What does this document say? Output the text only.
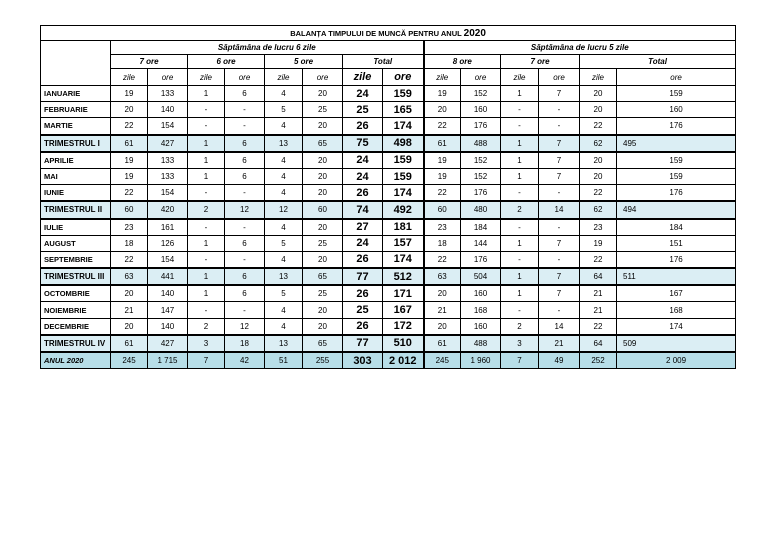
BALANȚA TIMPULUI DE MUNCĂ PENTRU ANUL 2020														
	Săptămâna de lucru 6 zile								Săptămâna de lucru 5 zile					
	7 ore		6 ore		5 ore		Total		8 ore		7 ore		Total	
	zile	ore	zile	ore	zile	ore	zile	ore	zile	ore	zile	ore	zile	ore
IANUARIE	19	133	1	6	4	20	24	159	19	152	1	7	20	159
FEBRUARIE	20	140	-	-	5	25	25	165	20	160	-	-	20	160
MARTIE	22	154	-	-	4	20	26	174	22	176	-	-	22	176
TRIMESTRUL I	61	427	1	6	13	65	75	498	61	488	1	7	62	495
APRILIE	19	133	1	6	4	20	24	159	19	152	1	7	20	159
MAI	19	133	1	6	4	20	24	159	19	152	1	7	20	159
IUNIE	22	154	-	-	4	20	26	174	22	176	-	-	22	176
TRIMESTRUL II	60	420	2	12	12	60	74	492	60	480	2	14	62	494
IULIE	23	161	-	-	4	20	27	181	23	184	-	-	23	184
AUGUST	18	126	1	6	5	25	24	157	18	144	1	7	19	151
SEPTEMBRIE	22	154	-	-	4	20	26	174	22	176	-	-	22	176
TRIMESTRUL III	63	441	1	6	13	65	77	512	63	504	1	7	64	511
OCTOMBRIE	20	140	1	6	5	25	26	171	20	160	1	7	21	167
NOIEMBRIE	21	147	-	-	4	20	25	167	21	168	-	-	21	168
DECEMBRIE	20	140	2	12	4	20	26	172	20	160	2	14	22	174
TRIMESTRUL IV	61	427	3	18	13	65	77	510	61	488	3	21	64	509
ANUL 2020	245	1 715	7	42	51	255	303	2 012	245	1 960	7	49	252	2 009
